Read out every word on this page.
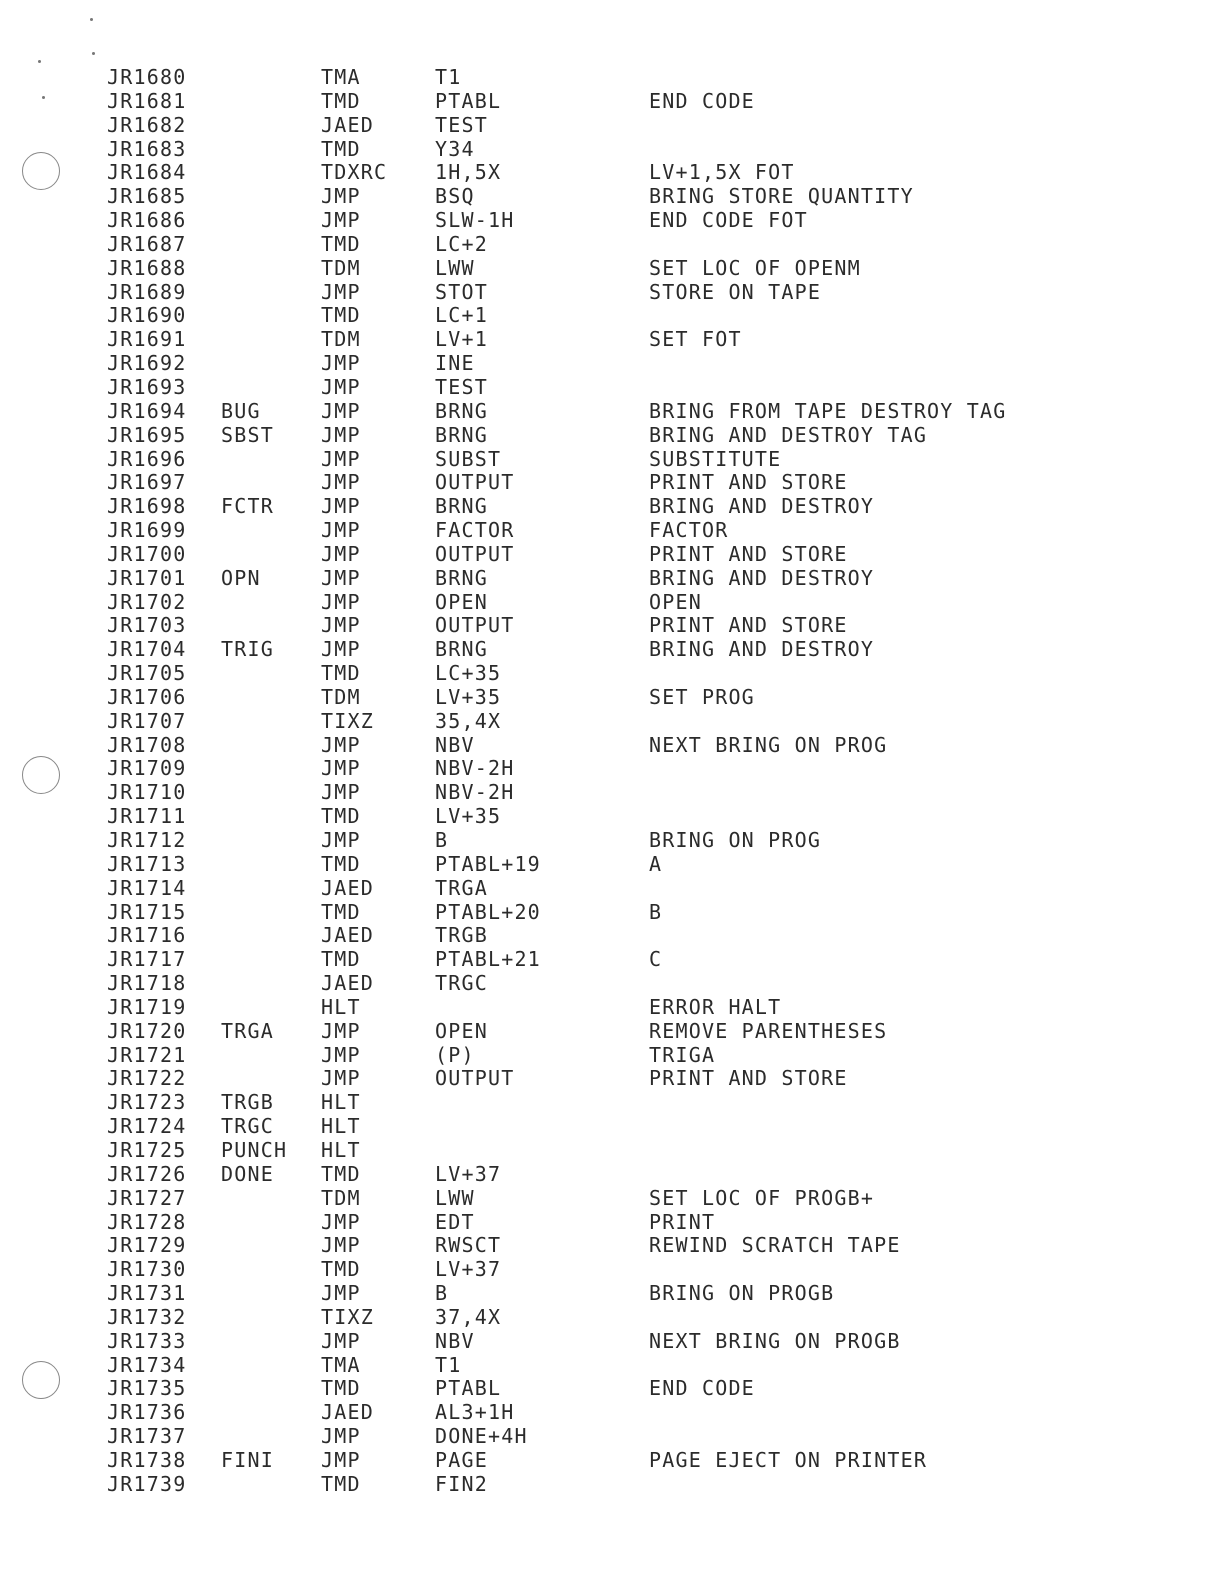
JR1680	TMA	T1
JR1681	TMD	PTABL	END CODE
JR1682	JAED	TEST
JR1683	TMD	Y34
JR1684	TDXRC 1H,5X	LV+1,5X FOT
JR1685	JMP	BSQ	BRING STORE QUANTITY
JR1686	JMP	SLW-1H	END CODE FOT
JR1687	TMD	LC+2
JR1688	TDM	LWW	SET LOC OF OPENM
JR1689	JMP	STOT	STORE ON TAPE
JR1690	TMD	LC+1
JR1691	TDM	LV+1	SET FOT
JR1692	JMP	INE
JR1693	JMP	TEST
JR1694 BUG	JMP	BRNG	BRING FROM TAPE DESTROY TAG
JR1695 SBST JMP	BRNG	BRING AND DESTROY TAG
JR1696	JMP	SUBST	SUBSTITUTE
JR1697	JMP	OUTPUT	PRINT AND STORE
JR1698 FCTR JMP	BRNG	BRING AND DESTROY
JR1699	JMP	FACTOR	FACTOR
JR1700	JMP	OUTPUT	PRINT AND STORE
JR1701 OPN	JMP	BRNG	BRING AND DESTROY
JR1702	JMP	OPEN	OPEN
JR1703	JMP	OUTPUT	PRINT AND STORE
JR1704 TRIG JMP	BRNG	BRING AND DESTROY
JR1705	TMD	LC+35
JR1706	TDM	LV+35	SET PROG
JR1707	TIXZ	35,4X
JR1708	JMP	NBV	NEXT BRING ON PROG
JR1709	JMP	NBV-2H
JR1710	JMP	NBV-2H
JR1711	TMD	LV+35
JR1712	JMP	B	BRING ON PROG
JR1713	TMD	PTABL+19	A
JR1714	JAED	TRGA
JR1715	TMD	PTABL+20	B
JR1716	JAED	TRGB
JR1717	TMD	PTABL+21	C
JR1718	JAED	TRGC
JR1719	HLT	ERROR HALT
JR1720 TRGA JMP	OPEN	REMOVE PARENTHESES
JR1721	JMP	(P)	TRIGA
JR1722	JMP	OUTPUT	PRINT AND STORE
JR1723 TRGB HLT
JR1724 TRGC HLT
JR1725 PUNCH HLT
JR1726 DONE TMD	LV+37
JR1727	TDM	LWW	SET LOC OF PROGB+
JR1728	JMP	EDT	PRINT
JR1729	JMP	RWSCT	REWIND SCRATCH TAPE
JR1730	TMD	LV+37
JR1731	JMP	B	BRING ON PROGB
JR1732	TIXZ	37,4X
JR1733	JMP	NBV	NEXT BRING ON PROGB
JR1734	TMA	T1
JR1735	TMD	PTABL	END CODE
JR1736	JAED	AL3+1H
JR1737	JMP	DONE+4H
JR1738 FINI JMP	PAGE	PAGE EJECT ON PRINTER
JR1739	TMD	FIN2
